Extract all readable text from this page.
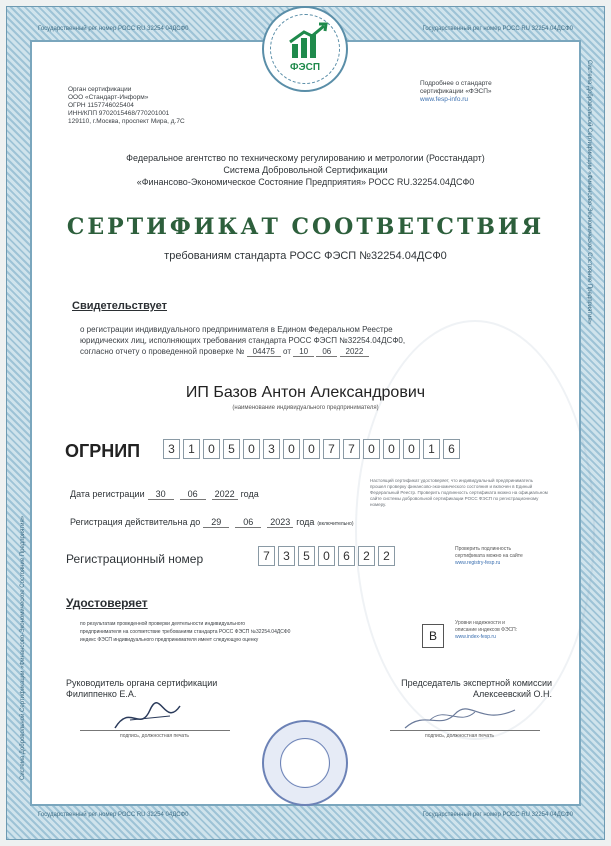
Государственный рег номер РОСС RU 32254 04ДСФ0	Государственный рег номер РОСС RU 32254 04ДСФ0
Государственный рег номер РОСС RU 32254 04ДСФ0	Государственный рег номер РОСС RU 32254 04ДСФ0
Система Добровольной Сертификации «Финансово-Экономическое Состояние Предприятия»
Система Добровольной Сертификации «Финансово-Экономическое Состояние Предприятия»
ФЭСП
Орган сертификации
ООО «Стандарт-Информ»
ОГРН 1157746025404
ИНН/КПП 9702015468/770201001
129110, г.Москва, проспект Мира, д.7С
Подробнее о стандарте
сертификации «ФЭСП»
www.fesp-info.ru
Федеральное агентство по техническому регулированию и метрологии (Росстандарт)
Система Добровольной Сертификации
«Финансово-Экономическое Состояние Предприятия» РОСС RU.32254.04ДСФ0
СЕРТИФИКАТ СООТВЕТСТВИЯ
требованиям стандарта РОСС ФЭСП №32254.04ДСФ0
Свидетельствует
о регистрации индивидуального предпринимателя в Едином Федеральном Реестре
юридических лиц, исполняющих требования стандарта РОСС ФЭСП №32254.04ДСФ0,
согласно отчету о проведенной проверке № 04475 от 10 06 2022
ИП Базов Антон Александрович
(наименование индивидуального предпринимателя)
ОГРНИП	3	1	0	5	0	3	0	0	7	7	0	0	0	1	6
Дата регистрации	30	06	2022 года
Регистрация действительна до	29	06	2023 года (включительно)
Настоящий сертификат удостоверяет, что индивидуальный предприниматель прошел проверку финансово-экономического состояния и включен в Единый Федеральный Реестр. Проверить подлинность сертификата можно на официальном сайте системы добровольной сертификации РОСС ФЭСП по регистрационному номеру.
Регистрационный номер	7	3	5	0	6	2	2	Проверить подлинность
сертификата можно на сайте
www.registry-fesp.ru
Удостоверяет
по результатам проведенной проверки деятельности индивидуального
предпринимателя на соответствие требованиям стандарта РОСС ФЭСП №32254.04ДСФ0
индекс ФЭСП индивидуального предпринимателя имеет следующую оценку	B
Уровни надежности и
описание индексов ФЭСП:
www.index-fesp.ru
Руководитель органа сертификации
Филиппенко Е.А.
подпись, должностная печать
Председатель экспертной комиссии
Алексеевский О.Н.
подпись, должностная печать
